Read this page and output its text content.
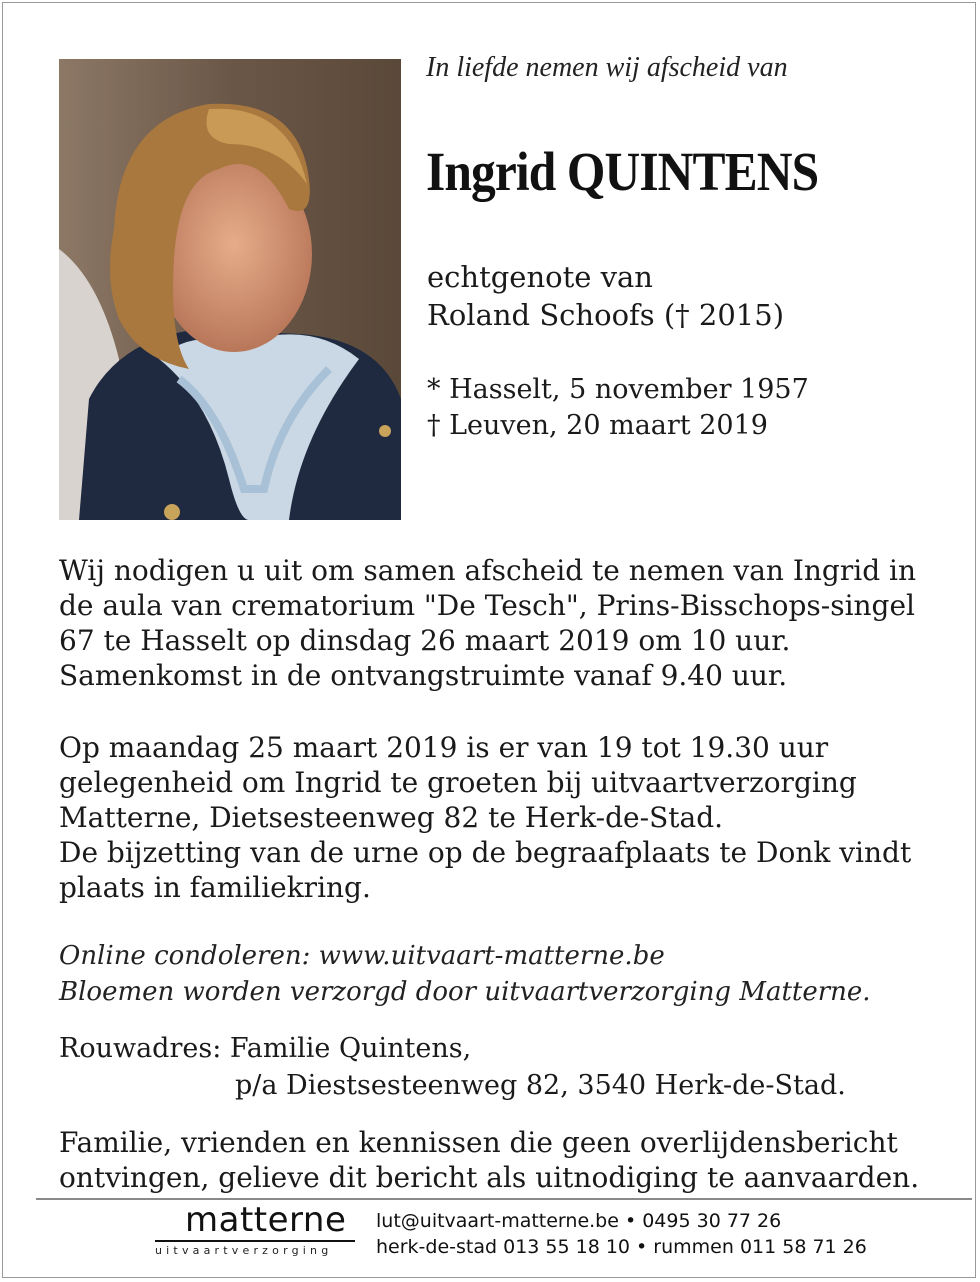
In liefde nemen wij afscheid van
Ingrid QUINTENS
echtgenote van
Roland Schoofs († 2015)
* Hasselt, 5 november 1957
† Leuven, 20 maart 2019

Wij nodigen u uit om samen afscheid te nemen van Ingrid in de aula van crematorium "De Tesch", Prins-Bisschops-singel 67 te Hasselt op dinsdag 26 maart 2019 om 10 uur. Samenkomst in de ontvangstruimte vanaf 9.40 uur.

Op maandag 25 maart 2019 is er van 19 tot 19.30 uur gelegenheid om Ingrid te groeten bij uitvaartverzorging Matterne, Dietsesteenweg 82 te Herk-de-Stad.
De bijzetting van de urne op de begraafplaats te Donk vindt plaats in familiekring.
Online condoleren: www.uitvaart-matterne.be
Bloemen worden verzorgd door uitvaartverzorging Matterne.
Rouwadres: Familie Quintens,
p/a Diestsesteenweg 82, 3540 Herk-de-Stad.

Familie, vrienden en kennissen die geen overlijdensbericht ontvingen, gelieve dit bericht als uitnodiging te aanvaarden.

matterne
uitvaartverzorging
lut@uitvaart-matterne.be • 0495 30 77 26
herk-de-stad 013 55 18 10 • rummen 011 58 71 26
